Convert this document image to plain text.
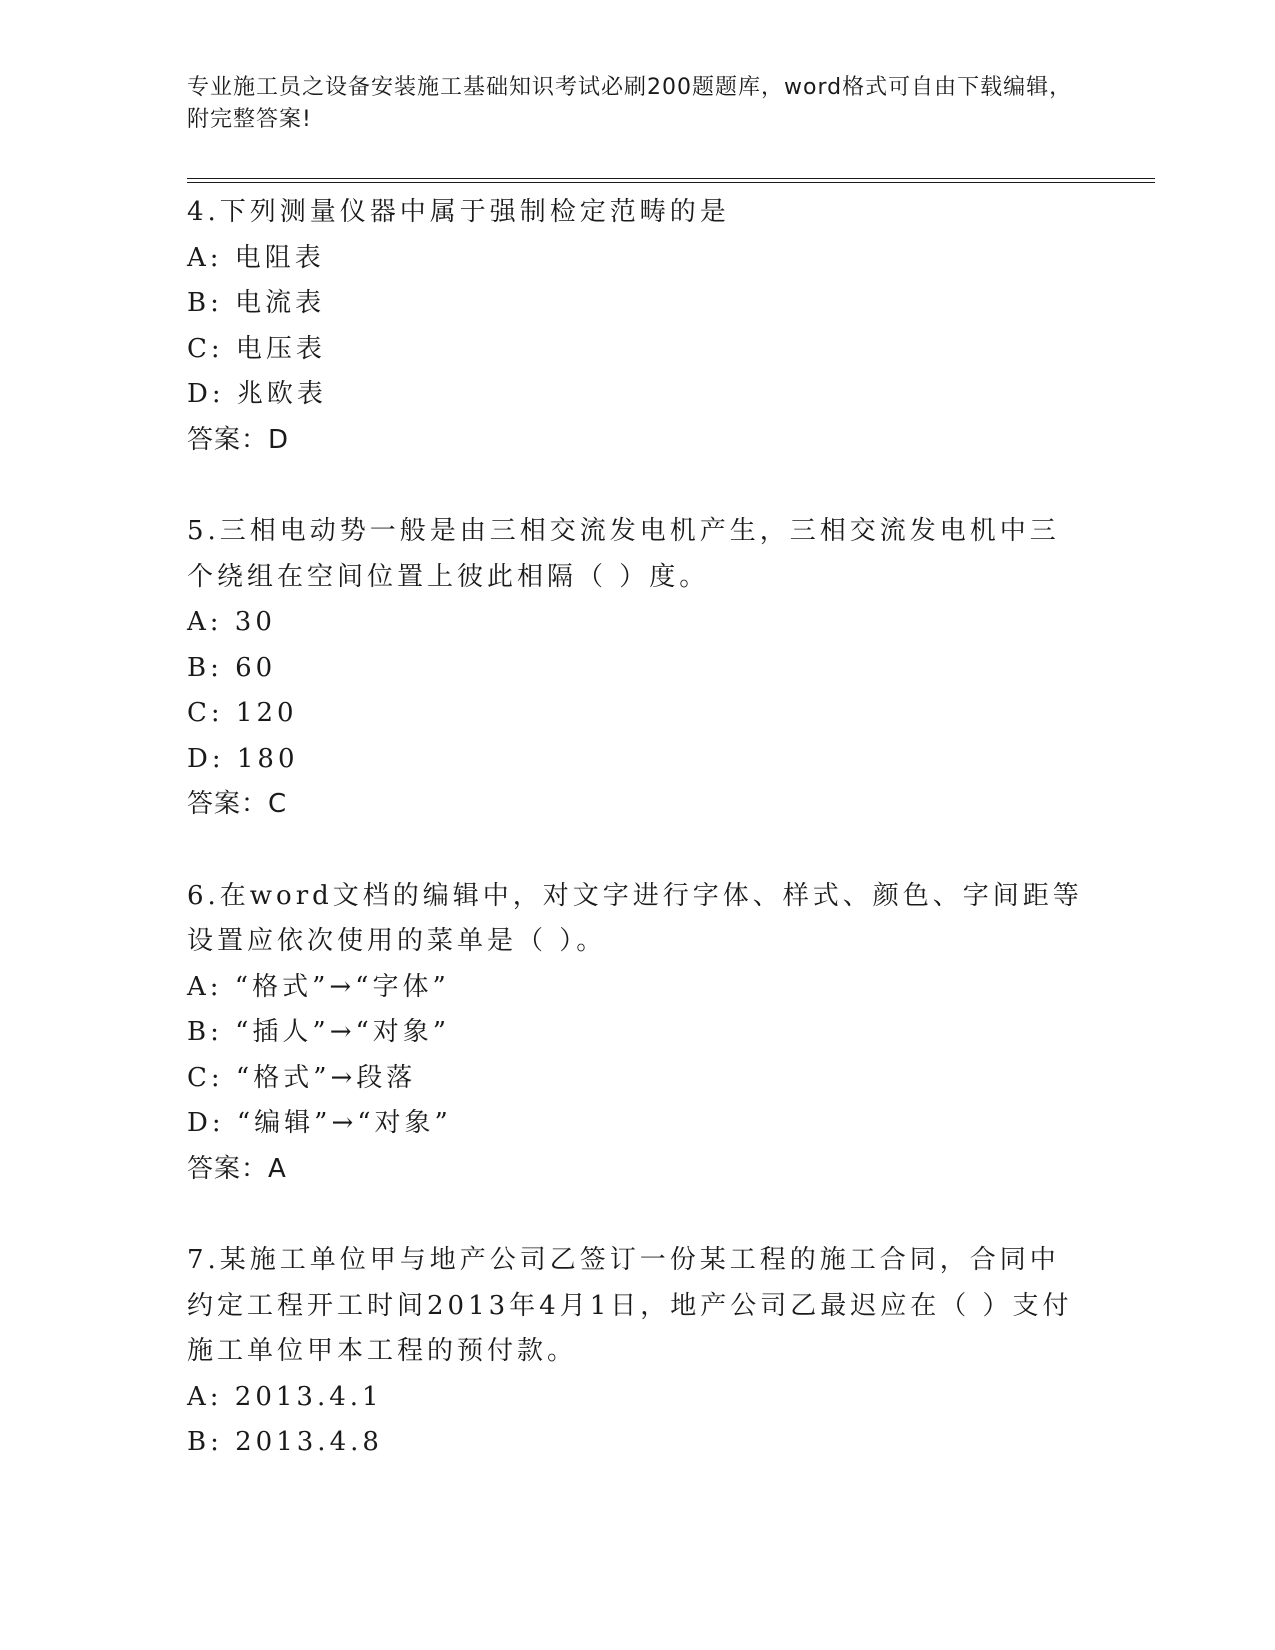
专业施工员之设备安装施工基础知识考试必刷200题题库，word格式可自由下载编辑，附完整答案!
4.下列测量仪器中属于强制检定范畴的是
A: 电阻表
B: 电流表
C: 电压表
D: 兆欧表
答案：D
5.三相电动势一般是由三相交流发电机产生，三相交流发电机中三个绕组在空间位置上彼此相隔（ ）度。
A: 30
B: 60
C: 120
D: 180
答案：C
6.在word文档的编辑中，对文字进行字体、样式、颜色、字间距等设置应依次使用的菜单是（ ）。
A: “格式”→“字体”
B: “插人”→“对象”
C: “格式”→段落
D: “编辑”→“对象”
答案：A
7.某施工单位甲与地产公司乙签订一份某工程的施工合同，合同中约定工程开工时间2013年4月1日，地产公司乙最迟应在（ ）支付施工单位甲本工程的预付款。
A: 2013.4.1
B: 2013.4.8
